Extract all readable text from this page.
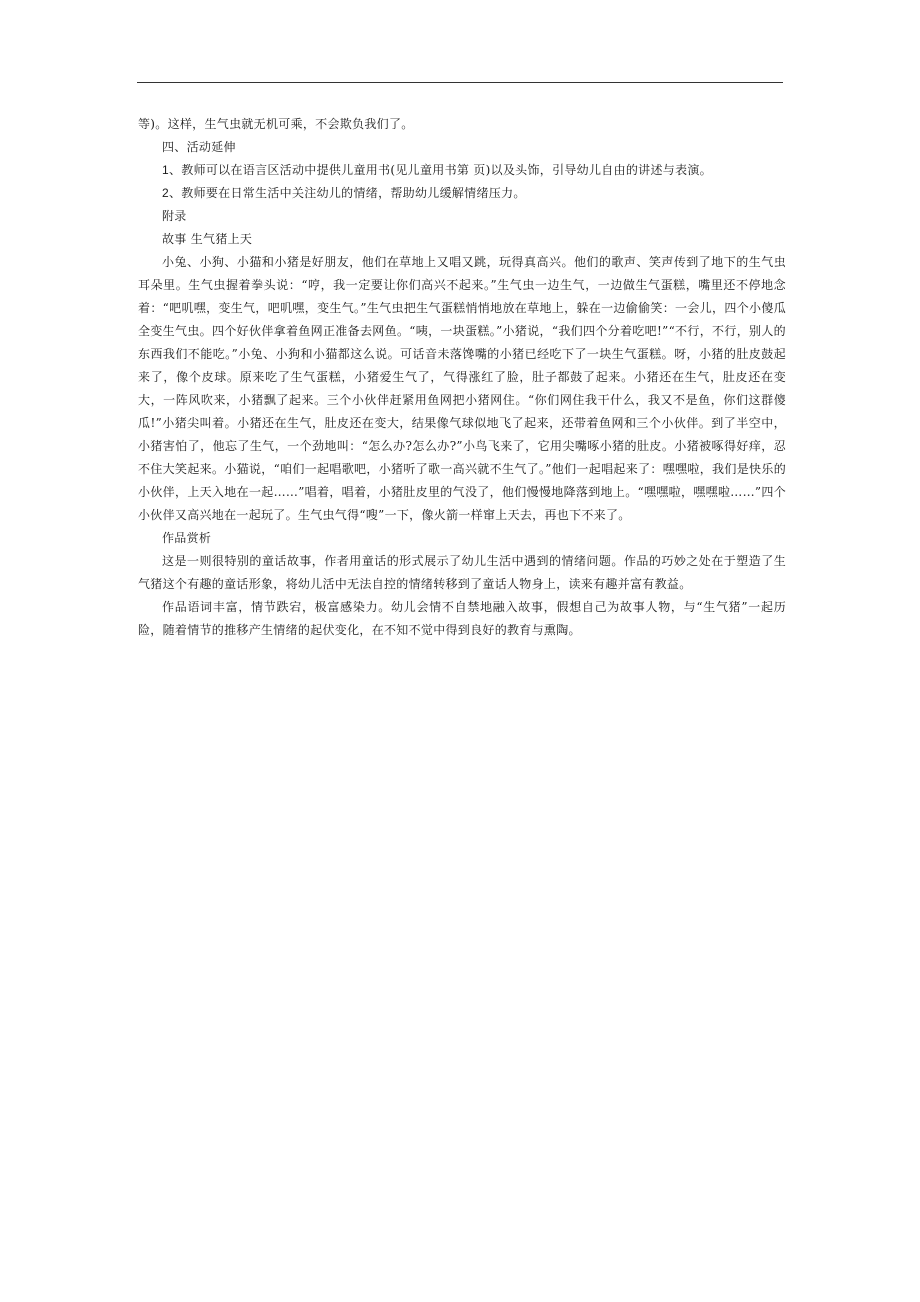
等)。这样，生气虫就无机可乘，不会欺负我们了。

四、活动延伸

1、教师可以在语言区活动中提供儿童用书(见儿童用书第 页)以及头饰，引导幼儿自由的讲述与表演。

2、教师要在日常生活中关注幼儿的情绪，帮助幼儿缓解情绪压力。

附录

故事 生气猪上天

小兔、小狗、小猫和小猪是好朋友，他们在草地上又唱又跳，玩得真高兴。他们的歌声、笑声传到了地下的生气虫耳朵里。生气虫握着拳头说：“哼，我一定要让你们高兴不起来。”生气虫一边生气，一边做生气蛋糕，嘴里还不停地念着：“吧叽嘿，变生气，吧叽嘿，变生气。”生气虫把生气蛋糕悄悄地放在草地上，躲在一边偷偷笑：一会儿，四个小傻瓜全变生气虫。四个好伙伴拿着鱼网正准备去网鱼。“咦，一块蛋糕。”小猪说，“我们四个分着吃吧!”“不行，不行，别人的东西我们不能吃。”小兔、小狗和小猫都这么说。可话音未落馋嘴的小猪已经吃下了一块生气蛋糕。呀，小猪的肚皮鼓起来了，像个皮球。原来吃了生气蛋糕，小猪爱生气了，气得涨红了脸，肚子都鼓了起来。小猪还在生气，肚皮还在变大，一阵风吹来，小猪飘了起来。三个小伙伴赶紧用鱼网把小猪网住。“你们网住我干什么，我又不是鱼，你们这群傻瓜!”小猪尖叫着。小猪还在生气，肚皮还在变大，结果像气球似地飞了起来，还带着鱼网和三个小伙伴。到了半空中，小猪害怕了，他忘了生气，一个劲地叫：“怎么办?怎么办?”小鸟飞来了，它用尖嘴啄小猪的肚皮。小猪被啄得好痒，忍不住大笑起来。小猫说，“咱们一起唱歌吧，小猪听了歌一高兴就不生气了。”他们一起唱起来了：嘿嘿啦，我们是快乐的小伙伴，上天入地在一起……”唱着，唱着，小猪肚皮里的气没了，他们慢慢地降落到地上。“嘿嘿啦，嘿嘿啦……”四个小伙伴又高兴地在一起玩了。生气虫气得“嗖”一下，像火箭一样窜上天去，再也下不来了。

作品赏析

这是一则很特别的童话故事，作者用童话的形式展示了幼儿生活中遇到的情绪问题。作品的巧妙之处在于塑造了生气猪这个有趣的童话形象，将幼儿活中无法自控的情绪转移到了童话人物身上，读来有趣并富有教益。

作品语词丰富，情节跌宕，极富感染力。幼儿会情不自禁地融入故事，假想自己为故事人物，与“生气猪”一起历险，随着情节的推移产生情绪的起伏变化，在不知不觉中得到良好的教育与熏陶。
